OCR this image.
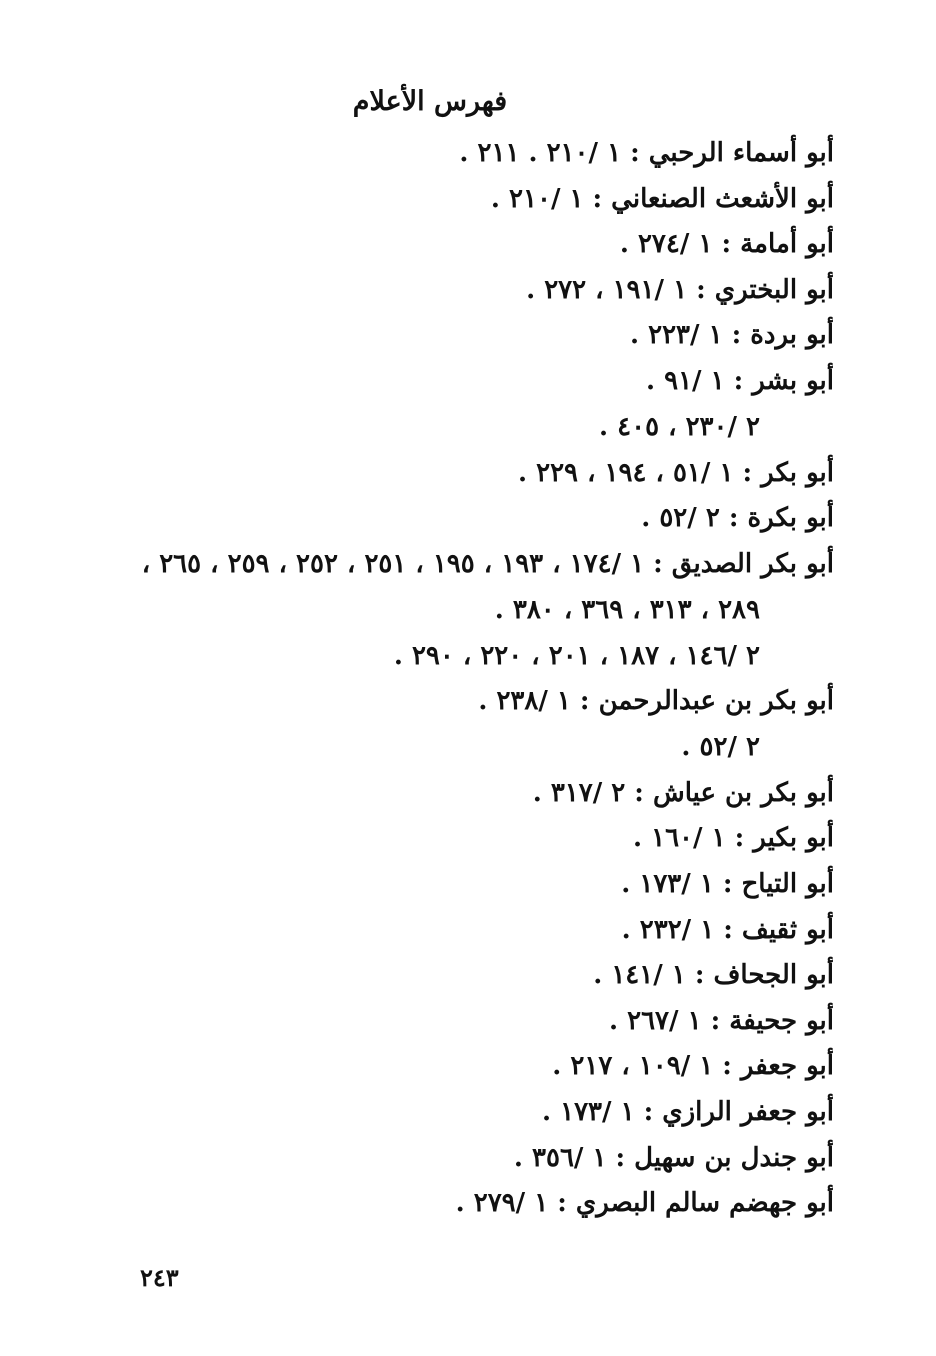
فهرس الأعلام
أبو أسماء الرحبي : ١ /٢١٠ . ٢١١ .
أبو الأشعث الصنعاني : ١ /٢١٠ .
أبو أمامة : ١ /٢٧٤ .
أبو البختري : ١ /١٩١ ، ٢٧٢ .
أبو بردة : ١ /٢٢٣ .
أبو بشر : ١ /٩١ .
٢ /٢٣٠ ، ٤٠٥ .
أبو بكر : ١ /٥١ ، ١٩٤ ، ٢٢٩ .
أبو بكرة : ٢ /٥٢ .
أبو بكر الصديق : ١ /١٧٤ ، ١٩٣ ، ١٩٥ ، ٢٥١ ، ٢٥٢ ، ٢٥٩ ، ٢٦٥ ،
٢٨٩ ، ٣١٣ ، ٣٦٩ ، ٣٨٠ .
٢ /١٤٦ ، ١٨٧ ، ٢٠١ ، ٢٢٠ ، ٢٩٠ .
أبو بكر بن عبدالرحمن : ١ /٢٣٨ .
٢ /٥٢ .
أبو بكر بن عياش : ٢ /٣١٧ .
أبو بكير : ١ /١٦٠ .
أبو التياح : ١ /١٧٣ .
أبو ثقيف : ١ /٢٣٢ .
أبو الجحاف : ١ /١٤١ .
أبو جحيفة : ١ /٢٦٧ .
أبو جعفر : ١ /١٠٩ ، ٢١٧ .
أبو جعفر الرازي : ١ /١٧٣ .
أبو جندل بن سهيل : ١ /٣٥٦ .
أبو جهضم سالم البصري : ١ /٢٧٩ .
٢٤٣
